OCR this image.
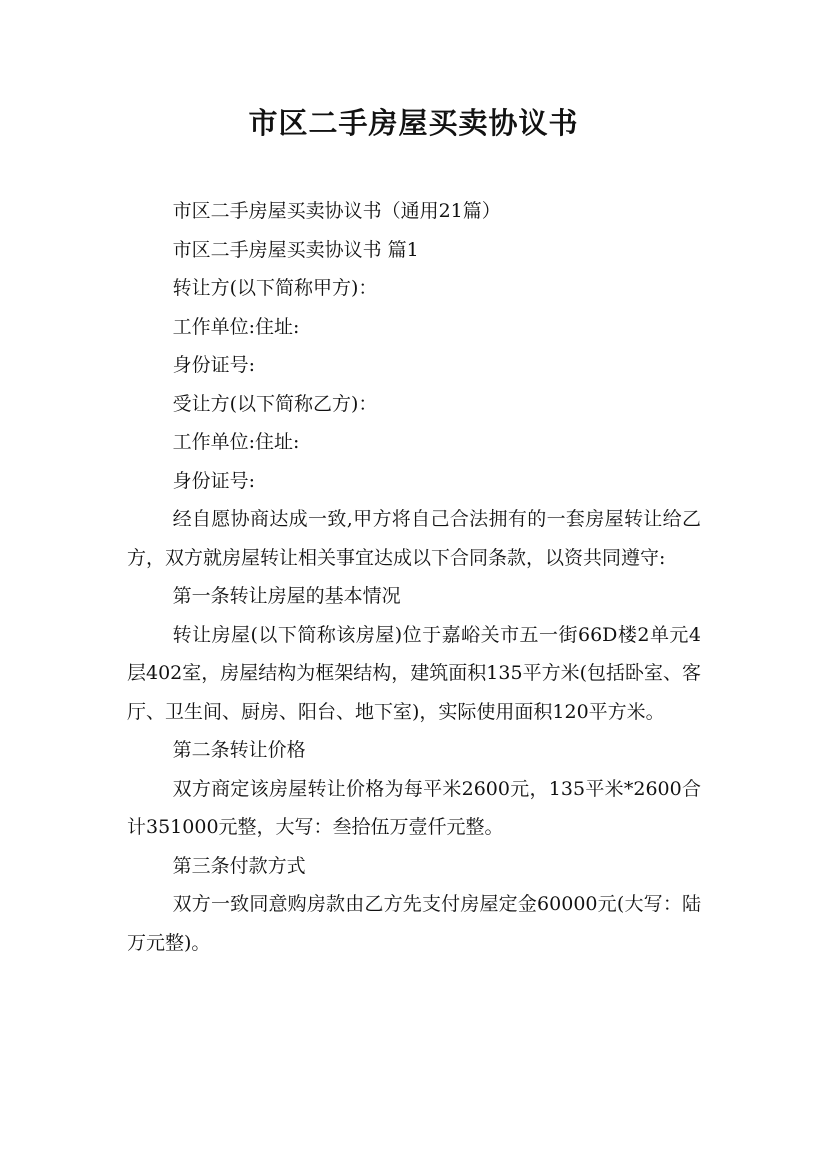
市区二手房屋买卖协议书

市区二手房屋买卖协议书（通用21篇）

市区二手房屋买卖协议书 篇1

转让方(以下简称甲方)：

工作单位:住址:

身份证号:

受让方(以下简称乙方)：

工作单位:住址:

身份证号:

经自愿协商达成一致,甲方将自己合法拥有的一套房屋转让给乙方，双方就房屋转让相关事宜达成以下合同条款，以资共同遵守:

第一条转让房屋的基本情况

转让房屋(以下简称该房屋)位于嘉峪关市五一街66D楼2单元4层402室，房屋结构为框架结构，建筑面积135平方米(包括卧室、客厅、卫生间、厨房、阳台、地下室)，实际使用面积120平方米。

第二条转让价格

双方商定该房屋转让价格为每平米2600元，135平米*2600合计351000元整，大写：叁拾伍万壹仟元整。

第三条付款方式

双方一致同意购房款由乙方先支付房屋定金60000元(大写：陆万元整)。
